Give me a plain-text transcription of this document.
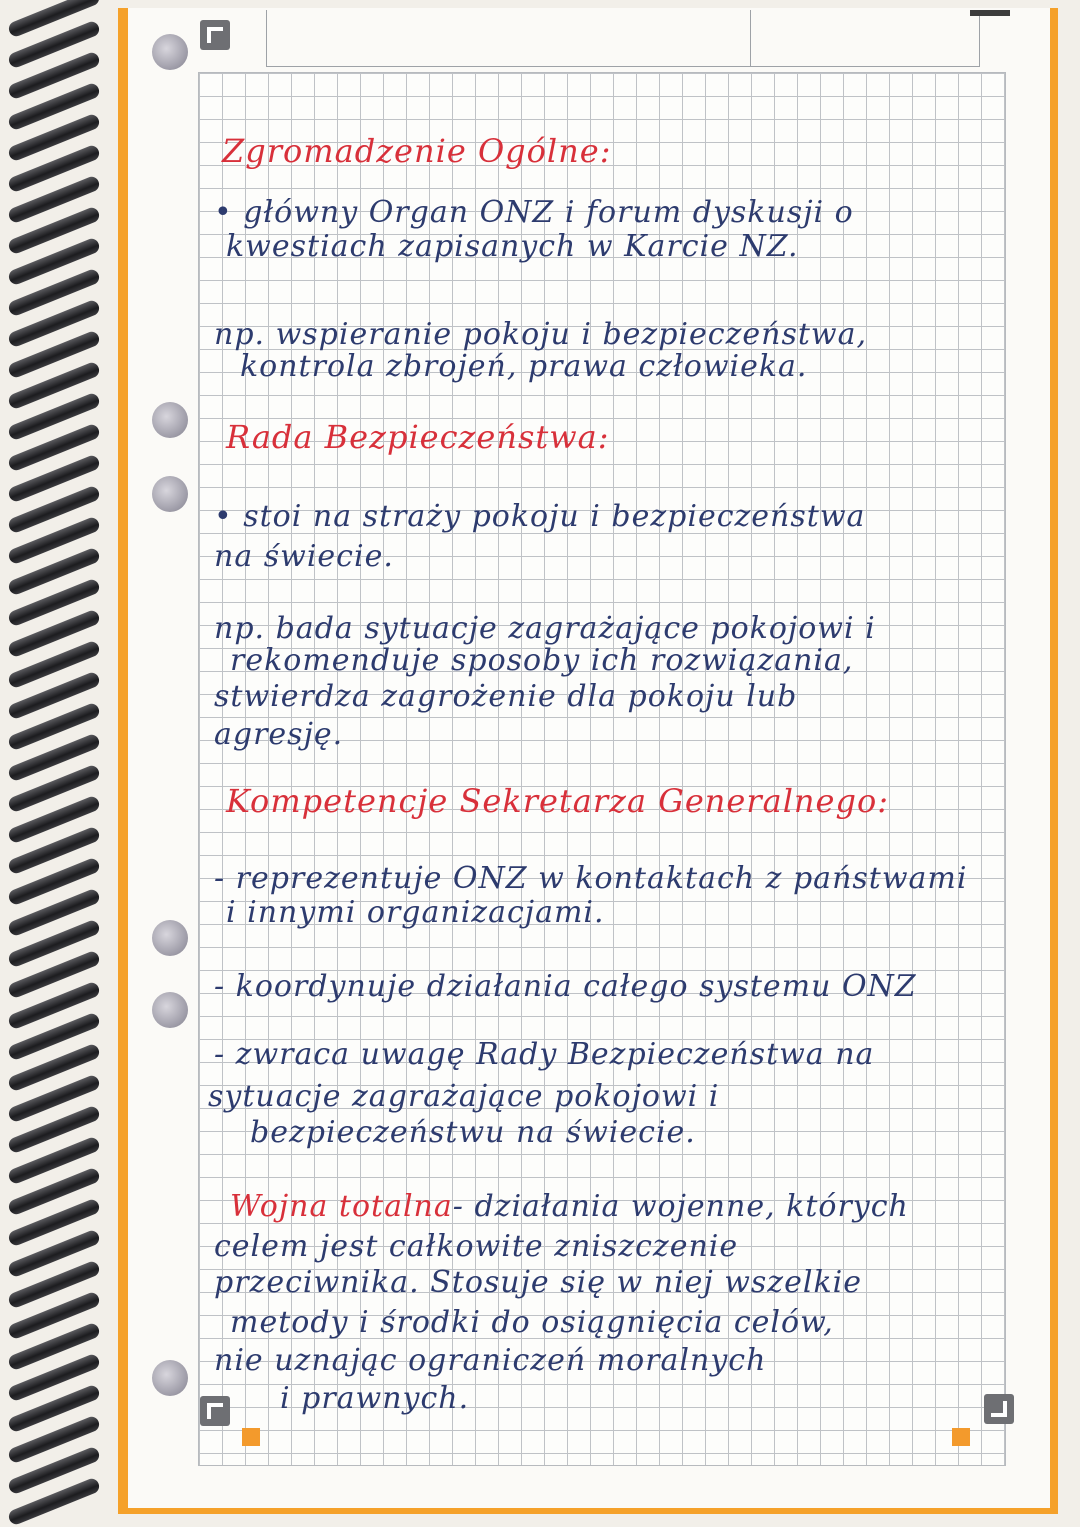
Zgromadzenie Ogólne:

• główny Organ ONZ i forum dyskusji o

kwestiach zapisanych w Karcie NZ.

np. wspieranie pokoju i bezpieczeństwa,

kontrola zbrojeń, prawa człowieka.

Rada Bezpieczeństwa:

• stoi na straży pokoju i bezpieczeństwa

na świecie.

np. bada sytuacje zagrażające pokojowi i

rekomenduje sposoby ich rozwiązania,

stwierdza zagrożenie dla pokoju lub

agresję.

Kompetencje Sekretarza Generalnego:

- reprezentuje ONZ w kontaktach z państwami

i innymi organizacjami.

- koordynuje działania całego systemu ONZ

- zwraca uwagę Rady Bezpieczeństwa na

sytuacje zagrażające pokojowi i

bezpieczeństwu na świecie.

Wojna totalna- działania wojenne, których

celem jest całkowite zniszczenie

przeciwnika. Stosuje się w niej wszelkie

metody i środki do osiągnięcia celów,

nie uznając ograniczeń moralnych

i prawnych.
